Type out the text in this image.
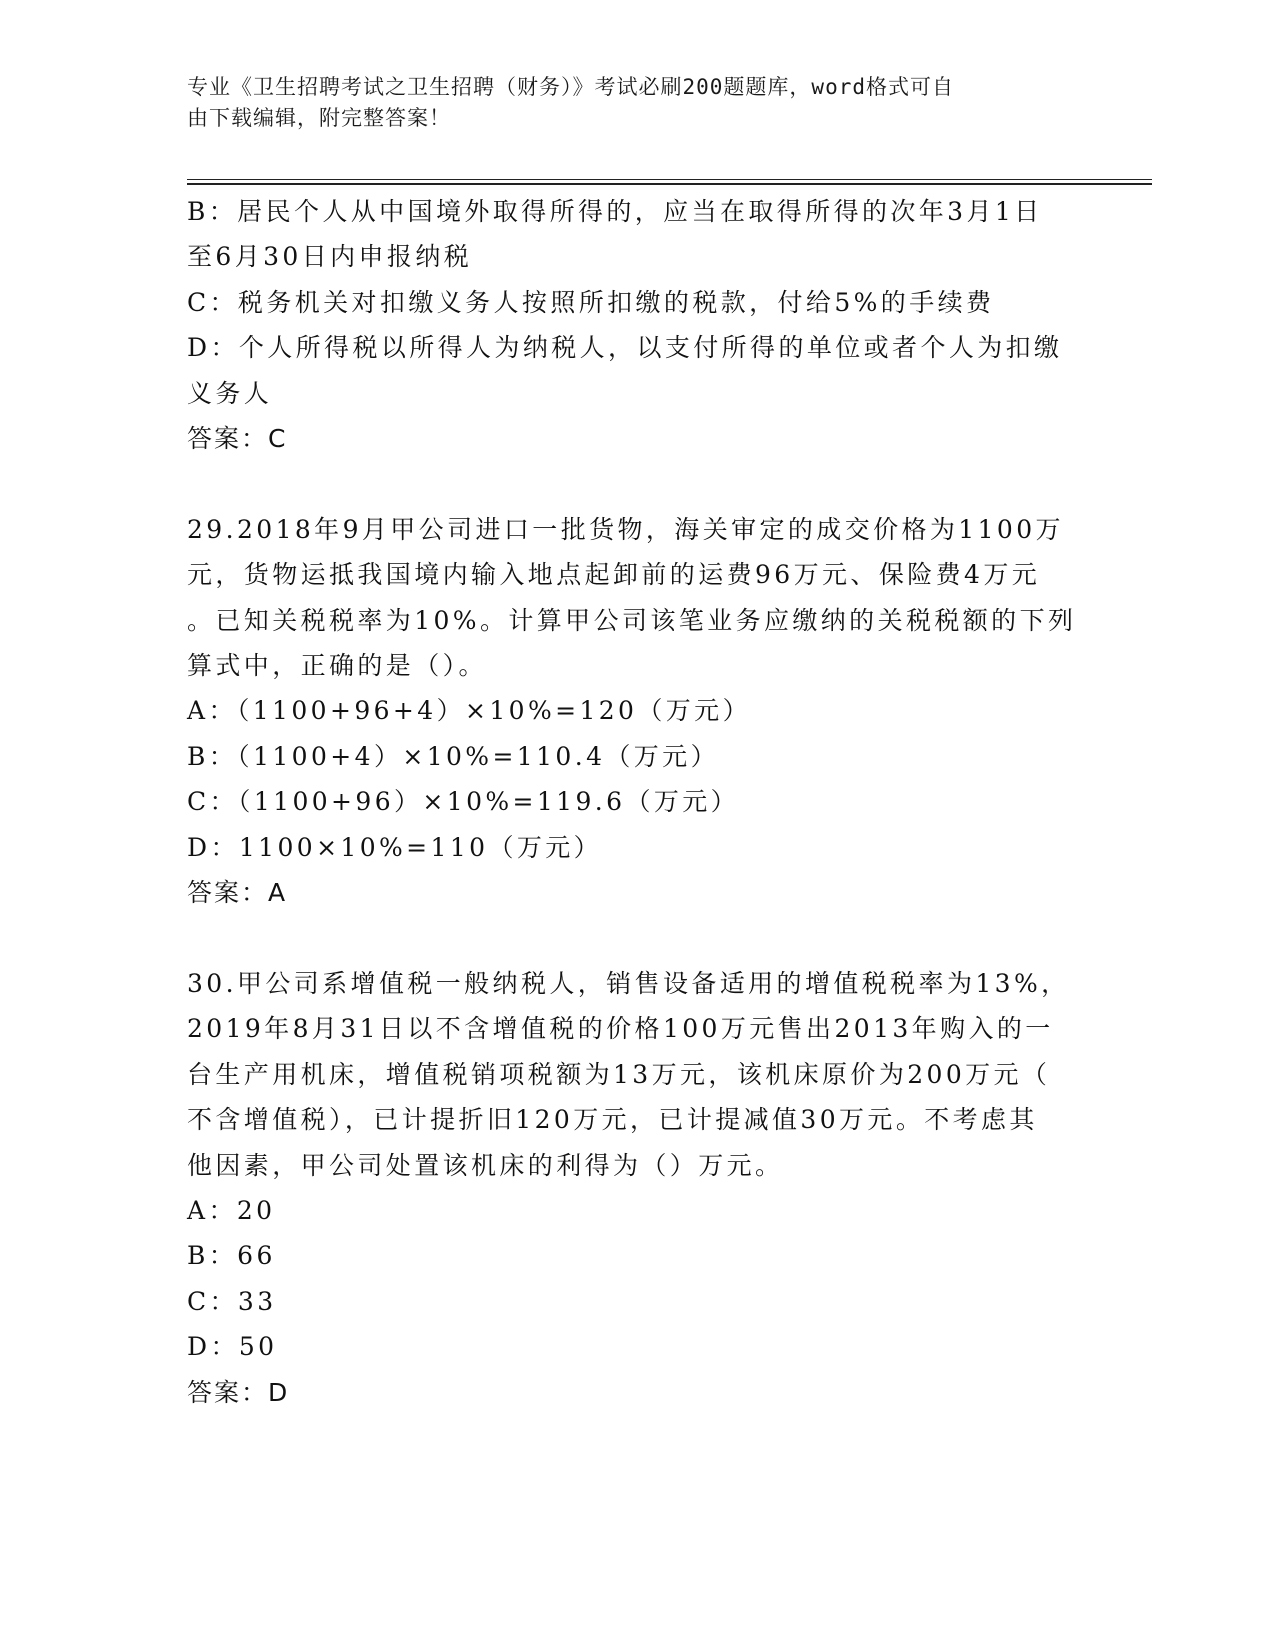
专业《卫生招聘考试之卫生招聘（财务）》考试必刷200题题库，word格式可自
由下载编辑，附完整答案！
B：居民个人从中国境外取得所得的，应当在取得所得的次年3月1日
至6月30日内申报纳税
C：税务机关对扣缴义务人按照所扣缴的税款，付给5%的手续费
D：个人所得税以所得人为纳税人，以支付所得的单位或者个人为扣缴
义务人
答案：C
29.2018年9月甲公司进口一批货物，海关审定的成交价格为1100万
元，货物运抵我国境内输入地点起卸前的运费96万元、保险费4万元
。已知关税税率为10%。计算甲公司该笔业务应缴纳的关税税额的下列
算式中，正确的是（）。
A：（1100+96+4）×10%=120（万元）
B：（1100+4）×10%=110.4（万元）
C：（1100+96）×10%=119.6（万元）
D：1100×10%=110（万元）
答案：A
30.甲公司系增值税一般纳税人，销售设备适用的增值税税率为13%，
2019年8月31日以不含增值税的价格100万元售出2013年购入的一
台生产用机床，增值税销项税额为13万元，该机床原价为200万元（
不含增值税），已计提折旧120万元，已计提减值30万元。不考虑其
他因素，甲公司处置该机床的利得为（）万元。
A：20
B：66
C：33
D：50
答案：D
